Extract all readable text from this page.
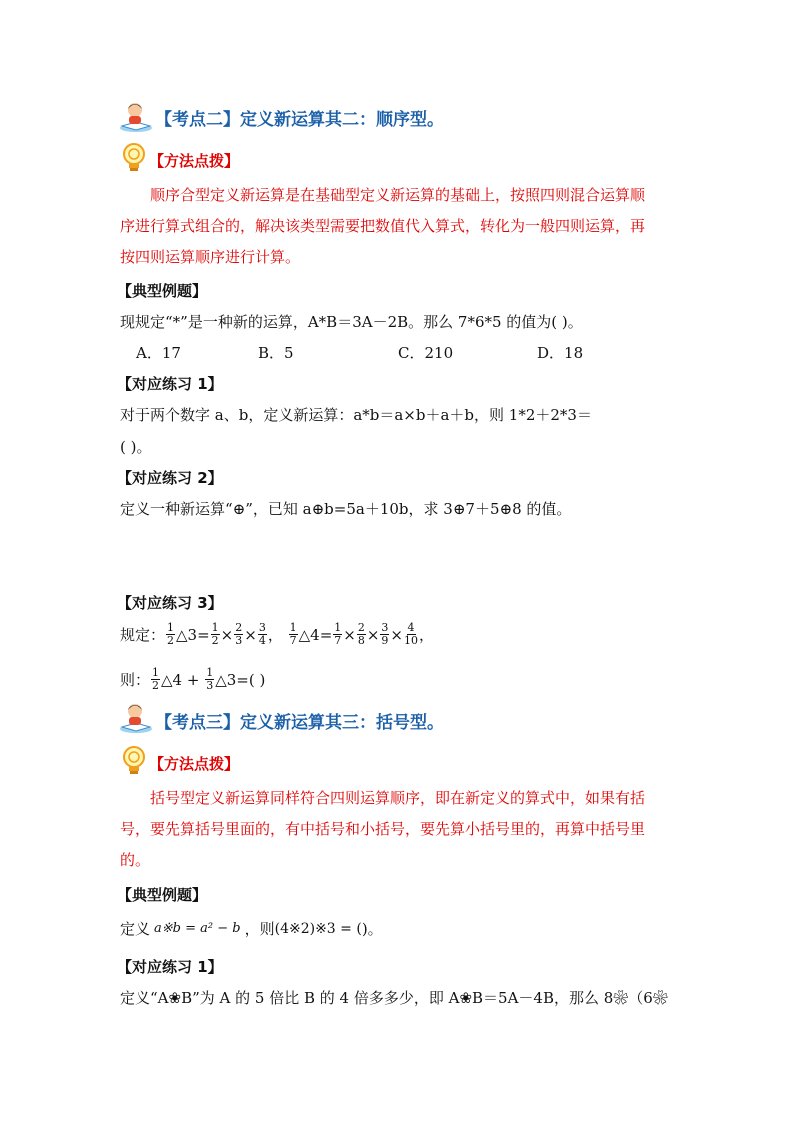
【考点二】定义新运算其二：顺序型。
【方法点拨】
顺序合型定义新运算是在基础型定义新运算的基础上，按照四则混合运算顺
序进行算式组合的，解决该类型需要把数值代入算式，转化为一般四则运算，再
按四则运算顺序进行计算。
【典型例题】
现规定“*”是一种新的运算，A*B＝3A－2B。那么 7*6*5 的值为( )。
A．17	B．5	C．210	D．18
【对应练习 1】
对于两个数字 a、b，定义新运算：a*b＝a×b＋a＋b，则 1*2＋2*3＝
( )。
【对应练习 2】
定义一种新运算“⊕”，已知 a⊕b=5a＋10b，求 3⊕7＋5⊕8 的值。
【对应练习 3】
规定： $\frac{1}{2}$ △3= $\frac{1}{2} \times \frac{2}{3} \times \frac{3}{4}$ ， $\frac{1}{7}$ △4= $\frac{1}{7} \times \frac{2}{8} \times \frac{3}{9} \times \frac{4}{10}$ ，
则： $\frac{1}{2}$ △4 + $\frac{1}{3}$ △3=( )
【考点三】定义新运算其三：括号型。
【方法点拨】
括号型定义新运算同样符合四则运算顺序，即在新定义的算式中，如果有括
号，要先算括号里面的，有中括号和小括号，要先算小括号里的，再算中括号里
的。
【典型例题】
定义 a※b = a² − b ，则 (4※2)※3 = ( )。
【对应练习 1】
定义“A❀B”为 A 的 5 倍比 B 的 4 倍多多少，即 A❀B＝5A－4B，那么 8❀（6❀
